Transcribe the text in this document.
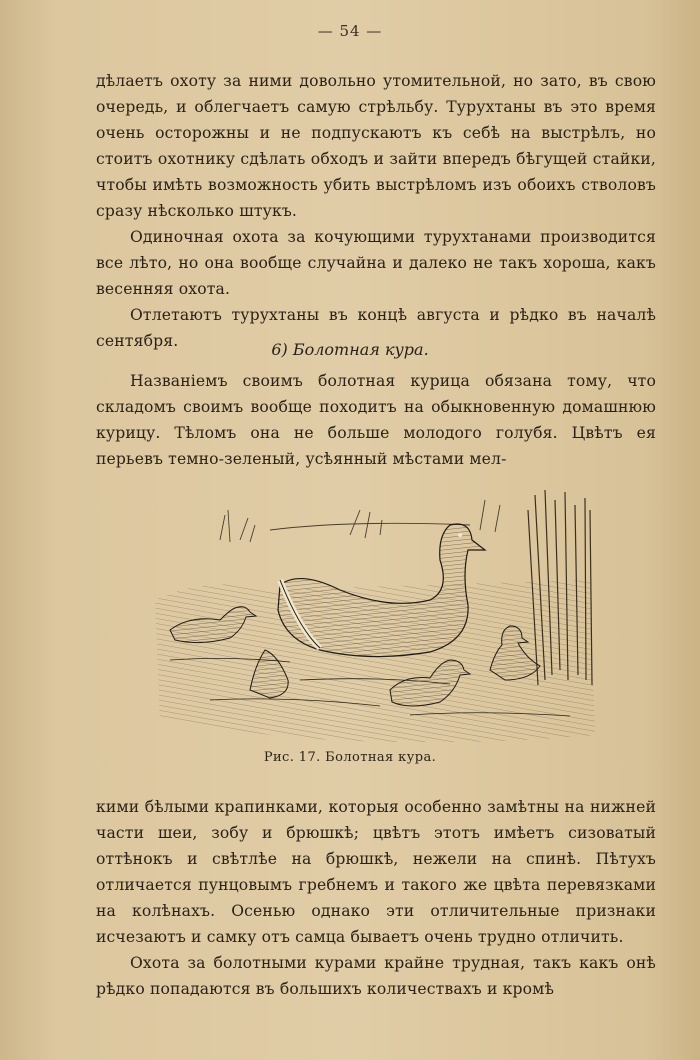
— 54 —

дѣлаетъ охоту за ними довольно утомительной, но зато, въ свою очередь, и облегчаетъ самую стрѣльбу. Турухтаны въ это время очень осторожны и не подпускаютъ къ себѣ на выстрѣлъ, но стоитъ охотнику сдѣлать обходъ и зайти впередъ бѣгущей стайки, чтобы имѣть возможность убить выстрѣломъ изъ обоихъ стволовъ сразу нѣсколько штукъ.

Одиночная охота за кочующими турухтанами производится все лѣто, но она вообще случайна и далеко не такъ хороша, какъ весенняя охота.

Отлетаютъ турухтаны въ концѣ августа и рѣдко въ началѣ сентября.	6) Болотная кура.

Названіемъ своимъ болотная курица обязана тому, что складомъ своимъ вообще походитъ на обыкновенную домашнюю курицу. Тѣломъ она не больше молодого голубя. Цвѣтъ ея перьевъ темно-зеленый, усѣянный мѣстами мел-

Рис. 17. Болотная кура.

кими бѣлыми крапинками, которыя особенно замѣтны на нижней части шеи, зобу и брюшкѣ; цвѣтъ этотъ имѣетъ сизоватый оттѣнокъ и свѣтлѣе на брюшкѣ, нежели на спинѣ. Пѣтухъ отличается пунцовымъ гребнемъ и такого же цвѣта перевязками на колѣнахъ. Осенью однако эти отличительные признаки исчезаютъ и самку отъ самца бываетъ очень трудно отличить.

Охота за болотными курами крайне трудная, такъ какъ онѣ рѣдко попадаются въ большихъ количествахъ и кромѣ
